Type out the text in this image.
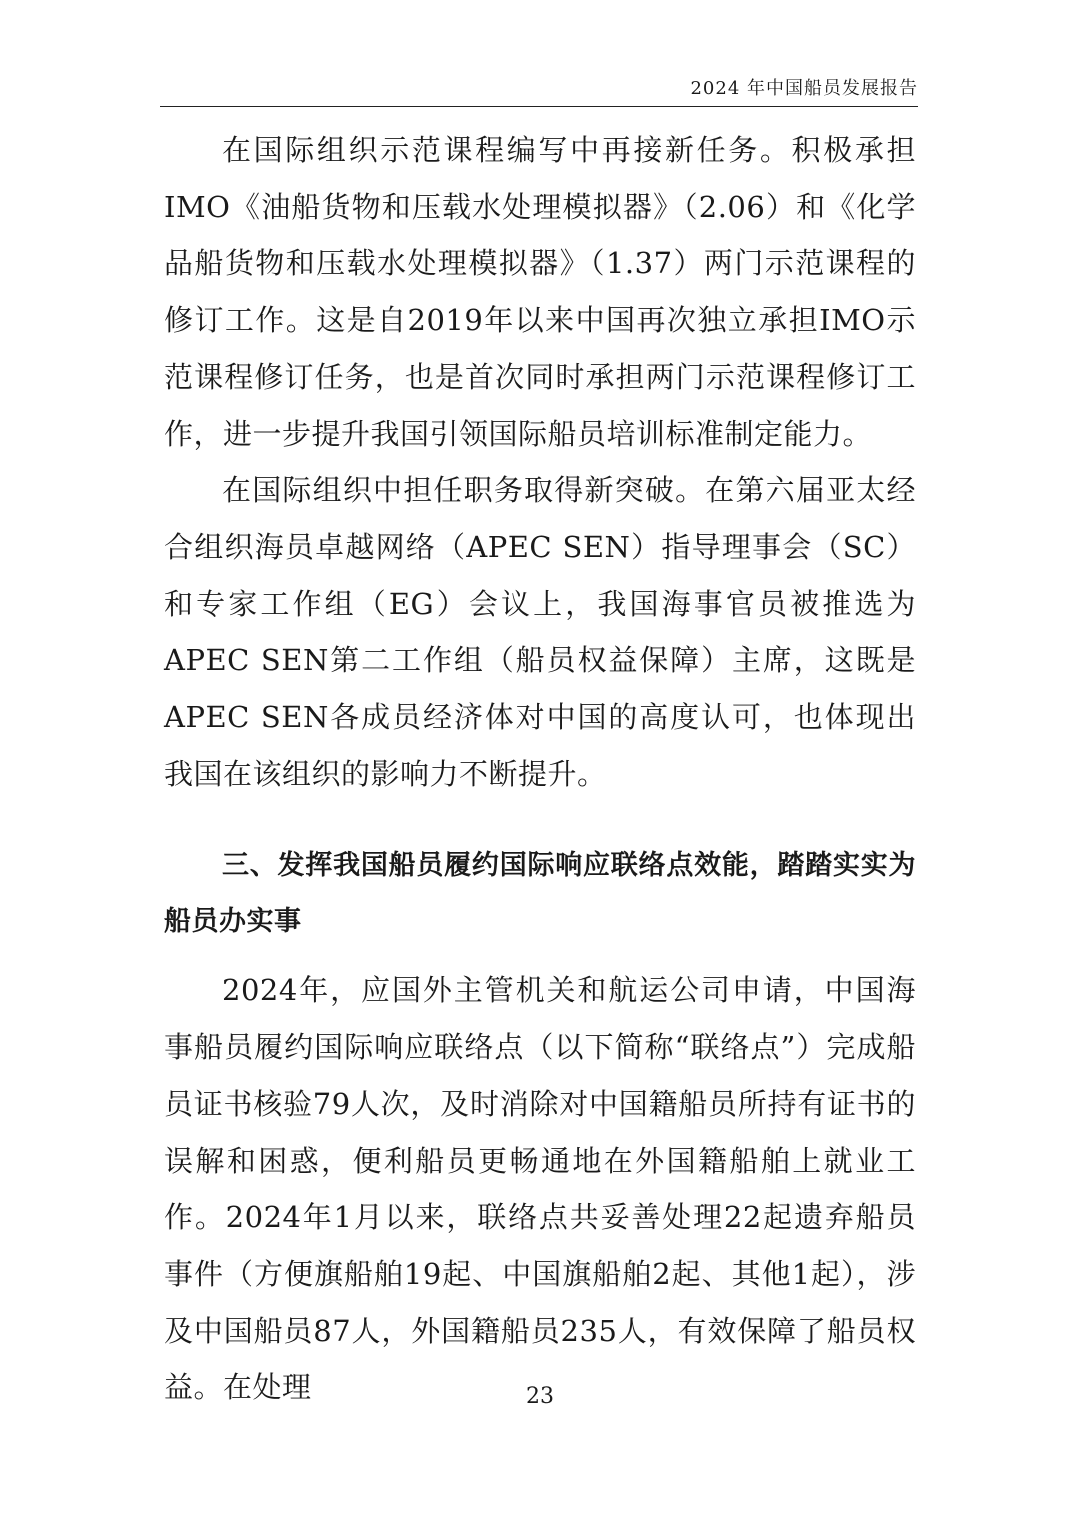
2024 年中国船员发展报告

在国际组织示范课程编写中再接新任务。积极承担IMO《油船货物和压载水处理模拟器》（2.06）和《化学品船货物和压载水处理模拟器》（1.37）两门示范课程的修订工作。这是自2019年以来中国再次独立承担IMO示范课程修订任务，也是首次同时承担两门示范课程修订工作，进一步提升我国引领国际船员培训标准制定能力。

在国际组织中担任职务取得新突破。在第六届亚太经合组织海员卓越网络（APEC SEN）指导理事会（SC）和专家工作组（EG）会议上，我国海事官员被推选为APEC SEN第二工作组（船员权益保障）主席，这既是APEC SEN各成员经济体对中国的高度认可，也体现出我国在该组织的影响力不断提升。

三、发挥我国船员履约国际响应联络点效能，踏踏实实为船员办实事

2024年，应国外主管机关和航运公司申请，中国海事船员履约国际响应联络点（以下简称“联络点”）完成船员证书核验79人次，及时消除对中国籍船员所持有证书的误解和困惑，便利船员更畅通地在外国籍船舶上就业工作。2024年1月以来，联络点共妥善处理22起遗弃船员事件（方便旗船舶19起、中国旗船舶2起、其他1起），涉及中国船员87人，外国籍船员235人，有效保障了船员权益。在处理	23
